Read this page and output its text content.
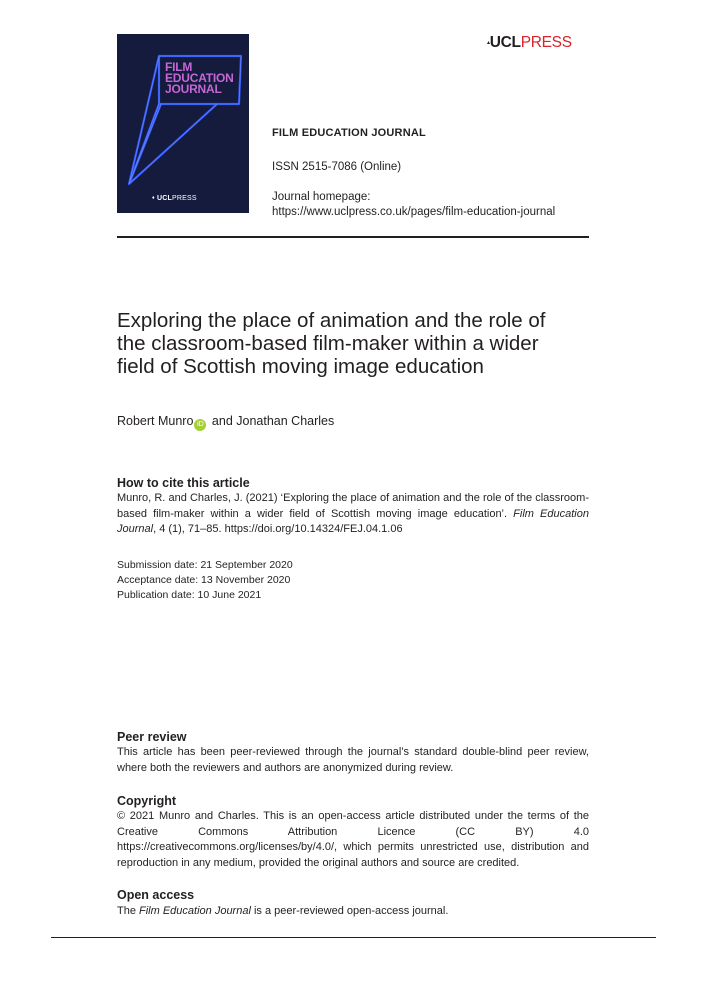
FILM
EDUCATION
JOURNAL
UCLPRESS
♦
▴UCLPRESS
FILM EDUCATION JOURNAL
ISSN 2515-7086 (Online)
Journal homepage:
https://www.uclpress.co.uk/pages/film-education-journal
Exploring the place of animation and the role of the classroom-based film-maker within a wider field of Scottish moving image education
Robert Munro iD and Jonathan Charles
How to cite this article
Munro, R. and Charles, J. (2021) ‘Exploring the place of animation and the role of the classroom-based film-maker within a wider field of Scottish moving image education’. Film Education Journal, 4 (1), 71–85. https://doi.org/10.14324/FEJ.04.1.06
Submission date: 21 September 2020
Acceptance date: 13 November 2020
Publication date: 10 June 2021
Peer review
This article has been peer-reviewed through the journal’s standard double-blind peer review, where both the reviewers and authors are anonymized during review.
Copyright
© 2021 Munro and Charles. This is an open-access article distributed under the terms of the Creative Commons Attribution Licence (CC BY) 4.0 https://creativecommons.org/licenses/by/4.0/, which permits unrestricted use, distribution and reproduction in any medium, provided the original authors and source are credited.
Open access
The Film Education Journal is a peer-reviewed open-access journal.
